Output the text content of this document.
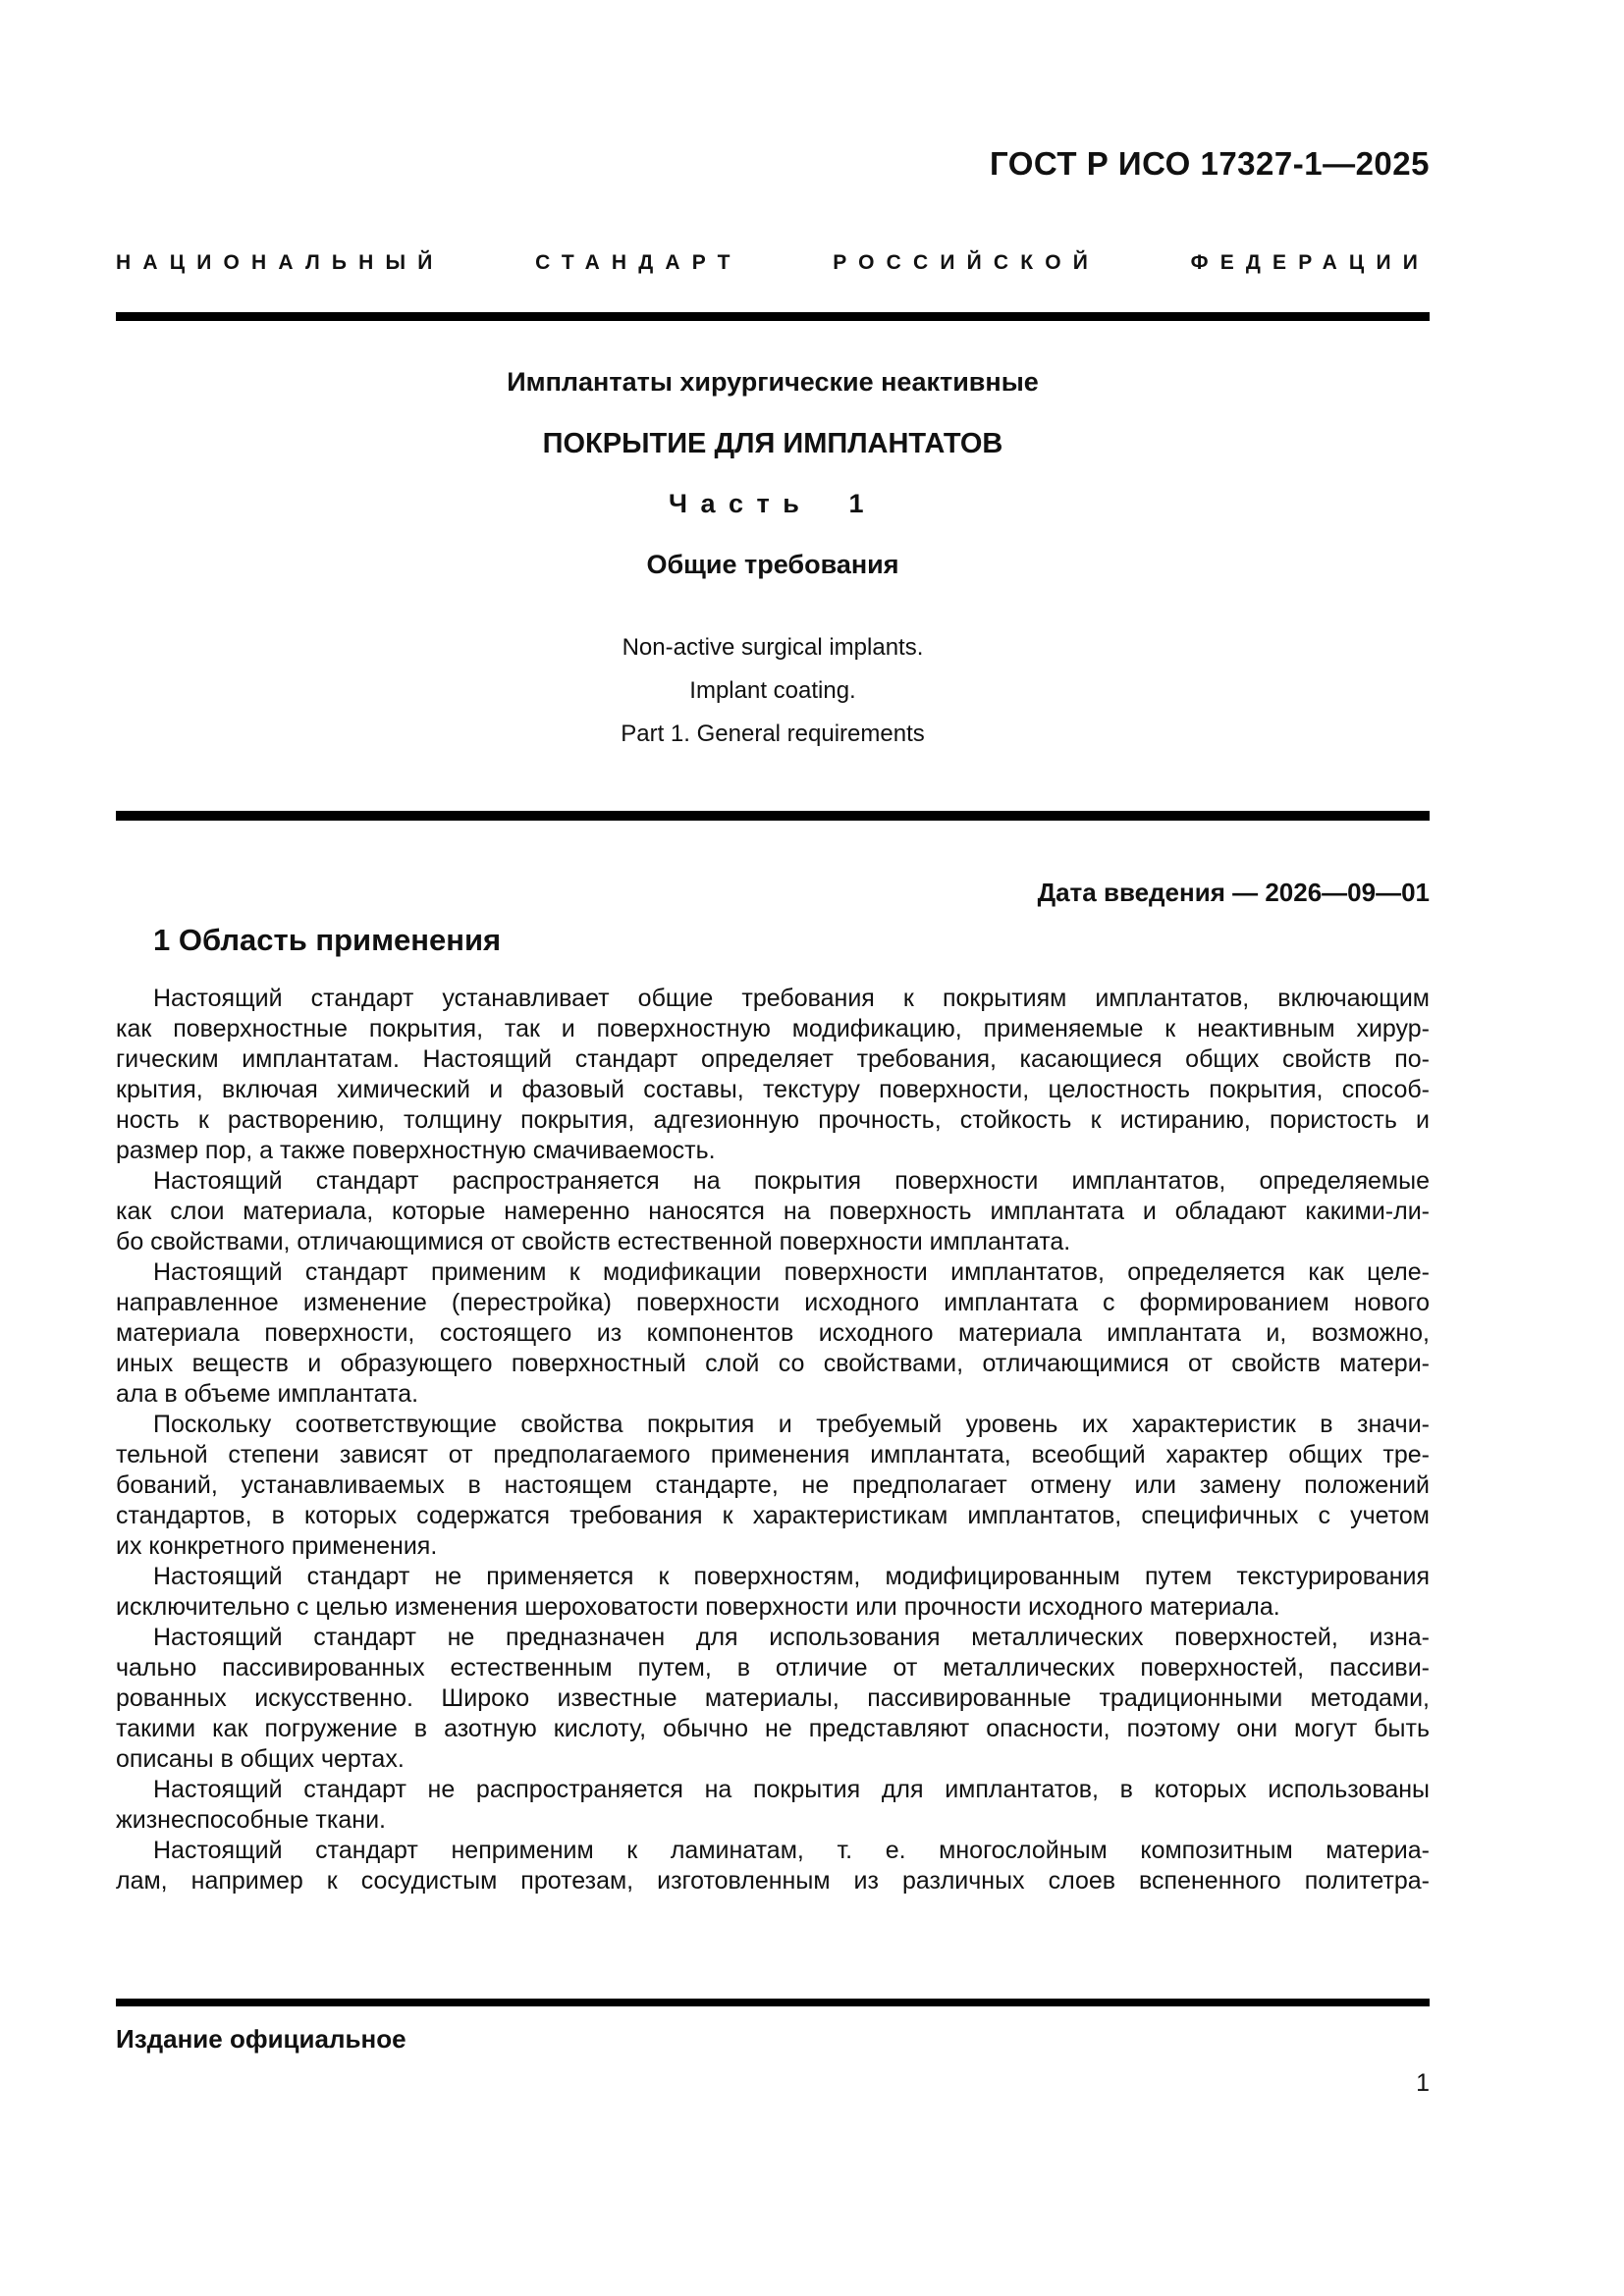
ГОСТ Р ИСО 17327-1—2025
НАЦИОНАЛЬНЫЙ СТАНДАРТ РОССИЙСКОЙ ФЕДЕРАЦИИ
Имплантаты хирургические неактивные
ПОКРЫТИЕ ДЛЯ ИМПЛАНТАТОВ
Часть 1
Общие требования
Non-active surgical implants.
Implant coating.
Part 1. General requirements
Дата введения — 2026—09—01
1 Область применения
Настоящий стандарт устанавливает общие требования к покрытиям имплантатов, включающим
как поверхностные покрытия, так и поверхностную модификацию, применяемые к неактивным хирур-
гическим имплантатам. Настоящий стандарт определяет требования, касающиеся общих свойств по-
крытия, включая химический и фазовый составы, текстуру поверхности, целостность покрытия, способ-
ность к растворению, толщину покрытия, адгезионную прочность, стойкость к истиранию, пористость и
размер пор, а также поверхностную смачиваемость.
Настоящий стандарт распространяется на покрытия поверхности имплантатов, определяемые
как слои материала, которые намеренно наносятся на поверхность имплантата и обладают какими-ли-
бо свойствами, отличающимися от свойств естественной поверхности имплантата.
Настоящий стандарт применим к модификации поверхности имплантатов, определяется как целе-
направленное изменение (перестройка) поверхности исходного имплантата с формированием нового
материала поверхности, состоящего из компонентов исходного материала имплантата и, возможно,
иных веществ и образующего поверхностный слой со свойствами, отличающимися от свойств матери-
ала в объеме имплантата.
Поскольку соответствующие свойства покрытия и требуемый уровень их характеристик в значи-
тельной степени зависят от предполагаемого применения имплантата, всеобщий характер общих тре-
бований, устанавливаемых в настоящем стандарте, не предполагает отмену или замену положений
стандартов, в которых содержатся требования к характеристикам имплантатов, специфичных с учетом
их конкретного применения.
Настоящий стандарт не применяется к поверхностям, модифицированным путем текстурирования
исключительно с целью изменения шероховатости поверхности или прочности исходного материала.
Настоящий стандарт не предназначен для использования металлических поверхностей, изна-
чально пассивированных естественным путем, в отличие от металлических поверхностей, пассиви-
рованных искусственно. Широко известные материалы, пассивированные традиционными методами,
такими как погружение в азотную кислоту, обычно не представляют опасности, поэтому они могут быть
описаны в общих чертах.
Настоящий стандарт не распространяется на покрытия для имплантатов, в которых использованы
жизнеспособные ткани.
Настоящий стандарт неприменим к ламинатам, т. е. многослойным композитным материа-
лам, например к сосудистым протезам, изготовленным из различных слоев вспененного политетра-
Издание официальное
1
